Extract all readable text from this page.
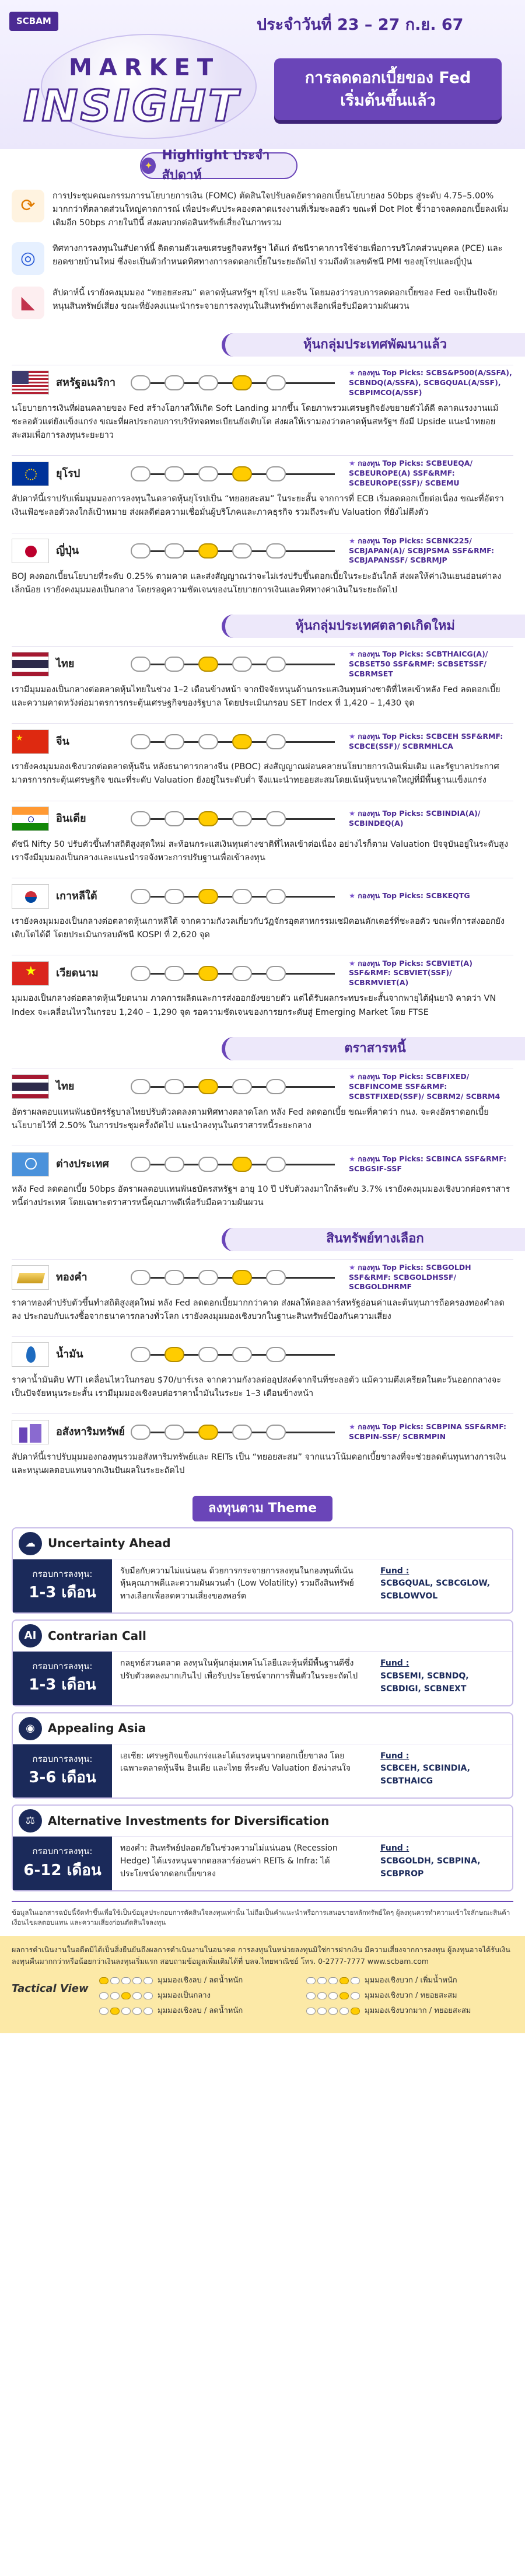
SCBAM	ประจำวันที่ 23 – 27 ก.ย. 67
MARKET
INSIGHT
การลดดอกเบี้ยของ Fed
เริ่มต้นขึ้นแล้ว
✦
Highlight ประจำสัปดาห์
⟳	การประชุมคณะกรรมการนโยบายการเงิน (FOMC) ตัดสินใจปรับลดอัตราดอกเบี้ยนโยบายลง 50bps สู่ระดับ 4.75–5.00% มากกว่าที่ตลาดส่วนใหญ่คาดการณ์ เพื่อประคับประคองตลาดแรงงานที่เริ่มชะลอตัว ขณะที่ Dot Plot ชี้ว่าอาจลดดอกเบี้ยลงเพิ่มเติมอีก 50bps ภายในปีนี้ ส่งผลบวกต่อสินทรัพย์เสี่ยงในภาพรวม
◎	ทิศทางการลงทุนในสัปดาห์นี้ ติดตามตัวเลขเศรษฐกิจสหรัฐฯ ได้แก่ ดัชนีราคาการใช้จ่ายเพื่อการบริโภคส่วนบุคคล (PCE) และยอดขายบ้านใหม่ ซึ่งจะเป็นตัวกำหนดทิศทางการลดดอกเบี้ยในระยะถัดไป รวมถึงตัวเลขดัชนี PMI ของยุโรปและญี่ปุ่น
◣	สัปดาห์นี้ เรายังคงมุมมอง “ทยอยสะสม” ตลาดหุ้นสหรัฐฯ ยุโรป และจีน โดยมองว่ารอบการลดดอกเบี้ยของ Fed จะเป็นปัจจัยหนุนสินทรัพย์เสี่ยง ขณะที่ยังคงแนะนำกระจายการลงทุนในสินทรัพย์ทางเลือกเพื่อรับมือความผันผวน
หุ้นกลุ่มประเทศพัฒนาแล้ว
สหรัฐอเมริกา
★ กองทุน Top Picks: SCBS&P500(A/SSFA), SCBNDQ(A/SSFA), SCBGQUAL(A/SSF), SCBPIMCO(A/SSF)
นโยบายการเงินที่ผ่อนคลายของ Fed สร้างโอกาสให้เกิด Soft Landing มากขึ้น โดยภาพรวมเศรษฐกิจยังขยายตัวได้ดี ตลาดแรงงานแม้ชะลอตัวแต่ยังแข็งแกร่ง ขณะที่ผลประกอบการบริษัทจดทะเบียนยังเติบโต ส่งผลให้เรามองว่าตลาดหุ้นสหรัฐฯ ยังมี Upside แนะนำทยอยสะสมเพื่อการลงทุนระยะยาว
ยุโรป
★ กองทุน Top Picks: SCBEUEQA/ SCBEUROPE(A) SSF&RMF: SCBEUROPE(SSF)/ SCBEMU
สัปดาห์นี้เราปรับเพิ่มมุมมองการลงทุนในตลาดหุ้นยุโรปเป็น “ทยอยสะสม” ในระยะสั้น จากการที่ ECB เริ่มลดดอกเบี้ยต่อเนื่อง ขณะที่อัตราเงินเฟ้อชะลอตัวลงใกล้เป้าหมาย ส่งผลดีต่อความเชื่อมั่นผู้บริโภคและภาคธุรกิจ รวมถึงระดับ Valuation ที่ยังไม่ตึงตัว
ญี่ปุ่น
★ กองทุน Top Picks: SCBNK225/ SCBJAPAN(A)/ SCBJPSMA SSF&RMF: SCBJAPANSSF/ SCBRMJP
BOJ คงดอกเบี้ยนโยบายที่ระดับ 0.25% ตามคาด และส่งสัญญาณว่าจะไม่เร่งปรับขึ้นดอกเบี้ยในระยะอันใกล้ ส่งผลให้ค่าเงินเยนอ่อนค่าลงเล็กน้อย เรายังคงมุมมองเป็นกลาง โดยรอดูความชัดเจนของนโยบายการเงินและทิศทางค่าเงินในระยะถัดไป
หุ้นกลุ่มประเทศตลาดเกิดใหม่
ไทย
★ กองทุน Top Picks: SCBTHAICG(A)/ SCBSET50 SSF&RMF: SCBSETSSF/ SCBRMSET
เรามีมุมมองเป็นกลางต่อตลาดหุ้นไทยในช่วง 1–2 เดือนข้างหน้า จากปัจจัยหนุนด้านกระแสเงินทุนต่างชาติที่ไหลเข้าหลัง Fed ลดดอกเบี้ย และความคาดหวังต่อมาตรการกระตุ้นเศรษฐกิจของรัฐบาล โดยประเมินกรอบ SET Index ที่ 1,420 – 1,430 จุด
★	จีน	★ กองทุน Top Picks: SCBCEH SSF&RMF: SCBCE(SSF)/ SCBRMHLCA
เรายังคงมุมมองเชิงบวกต่อตลาดหุ้นจีน หลังธนาคารกลางจีน (PBOC) ส่งสัญญาณผ่อนคลายนโยบายการเงินเพิ่มเติม และรัฐบาลประกาศมาตรการกระตุ้นเศรษฐกิจ ขณะที่ระดับ Valuation ยังอยู่ในระดับต่ำ จึงแนะนำทยอยสะสมโดยเน้นหุ้นขนาดใหญ่ที่มีพื้นฐานแข็งแกร่ง
อินเดีย	★ กองทุน Top Picks: SCBINDIA(A)/ SCBINDEQ(A)
ดัชนี Nifty 50 ปรับตัวขึ้นทำสถิติสูงสุดใหม่ สะท้อนกระแสเงินทุนต่างชาติที่ไหลเข้าต่อเนื่อง อย่างไรก็ตาม Valuation ปัจจุบันอยู่ในระดับสูง เราจึงมีมุมมองเป็นกลางและแนะนำรอจังหวะการปรับฐานเพื่อเข้าลงทุน
เกาหลีใต้	★ กองทุน Top Picks: SCBKEQTG
เรายังคงมุมมองเป็นกลางต่อตลาดหุ้นเกาหลีใต้ จากความกังวลเกี่ยวกับวัฏจักรอุตสาหกรรมเซมิคอนดักเตอร์ที่ชะลอตัว ขณะที่การส่งออกยังเติบโตได้ดี โดยประเมินกรอบดัชนี KOSPI ที่ 2,620 จุด
★	เวียดนาม
★ กองทุน Top Picks: SCBVIET(A) SSF&RMF: SCBVIET(SSF)/ SCBRMVIET(A)
มุมมองเป็นกลางต่อตลาดหุ้นเวียดนาม ภาคการผลิตและการส่งออกยังขยายตัว แต่ได้รับผลกระทบระยะสั้นจากพายุไต้ฝุ่นยางิ คาดว่า VN Index จะเคลื่อนไหวในกรอบ 1,240 – 1,290 จุด รอความชัดเจนของการยกระดับสู่ Emerging Market โดย FTSE
ตราสารหนี้
ไทย
★ กองทุน Top Picks: SCBFIXED/ SCBFINCOME SSF&RMF: SCBSTFIXED(SSF)/ SCBRM2/ SCBRM4
อัตราผลตอบแทนพันธบัตรรัฐบาลไทยปรับตัวลดลงตามทิศทางตลาดโลก หลัง Fed ลดดอกเบี้ย ขณะที่คาดว่า กนง. จะคงอัตราดอกเบี้ยนโยบายไว้ที่ 2.50% ในการประชุมครั้งถัดไป แนะนำลงทุนในตราสารหนี้ระยะกลาง
ต่างประเทศ	★ กองทุน Top Picks: SCBINCA SSF&RMF: SCBGSIF-SSF
หลัง Fed ลดดอกเบี้ย 50bps อัตราผลตอบแทนพันธบัตรสหรัฐฯ อายุ 10 ปี ปรับตัวลงมาใกล้ระดับ 3.7% เรายังคงมุมมองเชิงบวกต่อตราสารหนี้ต่างประเทศ โดยเฉพาะตราสารหนี้คุณภาพดีเพื่อรับมือความผันผวน
สินทรัพย์ทางเลือก
ทองคำ
★ กองทุน Top Picks: SCBGOLDH SSF&RMF: SCBGOLDHSSF/ SCBGOLDHRMF
ราคาทองคำปรับตัวขึ้นทำสถิติสูงสุดใหม่ หลัง Fed ลดดอกเบี้ยมากกว่าคาด ส่งผลให้ดอลลาร์สหรัฐอ่อนค่าและต้นทุนการถือครองทองคำลดลง ประกอบกับแรงซื้อจากธนาคารกลางทั่วโลก เรายังคงมุมมองเชิงบวกในฐานะสินทรัพย์ป้องกันความเสี่ยง
น้ำมัน
ราคาน้ำมันดิบ WTI เคลื่อนไหวในกรอบ $70/บาร์เรล จากความกังวลต่ออุปสงค์จากจีนที่ชะลอตัว แม้ความตึงเครียดในตะวันออกกลางจะเป็นปัจจัยหนุนระยะสั้น เรามีมุมมองเชิงลบต่อราคาน้ำมันในระยะ 1–3 เดือนข้างหน้า
อสังหาริมทรัพย์	★ กองทุน Top Picks: SCBPINA SSF&RMF: SCBPIN-SSF/ SCBRMPIN
สัปดาห์นี้เราปรับมุมมองกองทุนรวมอสังหาริมทรัพย์และ REITs เป็น “ทยอยสะสม” จากแนวโน้มดอกเบี้ยขาลงที่จะช่วยลดต้นทุนทางการเงินและหนุนผลตอบแทนจากเงินปันผลในระยะถัดไป
ลงทุนตาม Theme
☁	Uncertainty Ahead
กรอบการลงทุน:
1-3 เดือน
รับมือกับความไม่แน่นอน ด้วยการกระจายการลงทุนในกองทุนที่เน้นหุ้นคุณภาพดีและความผันผวนต่ำ (Low Volatility) รวมถึงสินทรัพย์ทางเลือกเพื่อลดความเสี่ยงของพอร์ต
Fund :
SCBGQUAL, SCBCGLOW, SCBLOWVOL
AI Contrarian Call
กรอบการลงทุน:
1-3 เดือน
กลยุทธ์สวนตลาด ลงทุนในหุ้นกลุ่มเทคโนโลยีและหุ้นที่มีพื้นฐานดีซึ่งปรับตัวลดลงมากเกินไป เพื่อรับประโยชน์จากการฟื้นตัวในระยะถัดไป
Fund :
SCBSEMI, SCBNDQ, SCBDIGI, SCBNEXT
◉	Appealing Asia
กรอบการลงทุน:
3-6 เดือน
เอเชีย: เศรษฐกิจแข็งแกร่งและได้แรงหนุนจากดอกเบี้ยขาลง โดยเฉพาะตลาดหุ้นจีน อินเดีย และไทย ที่ระดับ Valuation ยังน่าสนใจ
Fund :
SCBCEH, SCBINDIA, SCBTHAICG
⚖	Alternative Investments for Diversification
กรอบการลงทุน:
6-12 เดือน
ทองคำ: สินทรัพย์ปลอดภัยในช่วงความไม่แน่นอน (Recession Hedge) ได้แรงหนุนจากดอลลาร์อ่อนค่า REITs & Infra: ได้ประโยชน์จากดอกเบี้ยขาลง
Fund :
SCBGOLDH, SCBPINA, SCBPROP
ข้อมูลในเอกสารฉบับนี้จัดทำขึ้นเพื่อใช้เป็นข้อมูลประกอบการตัดสินใจลงทุนเท่านั้น ไม่ถือเป็นคำแนะนำหรือการเสนอขายหลักทรัพย์ใดๆ ผู้ลงทุนควรทำความเข้าใจลักษณะสินค้า เงื่อนไขผลตอบแทน และความเสี่ยงก่อนตัดสินใจลงทุน
ผลการดำเนินงานในอดีตมิได้เป็นสิ่งยืนยันถึงผลการดำเนินงานในอนาคต การลงทุนในหน่วยลงทุนมิใช่การฝากเงิน มีความเสี่ยงจากการลงทุน ผู้ลงทุนอาจได้รับเงินลงทุนคืนมากกว่าหรือน้อยกว่าเงินลงทุนเริ่มแรก สอบถามข้อมูลเพิ่มเติมได้ที่ บลจ.ไทยพาณิชย์ โทร. 0-2777-7777 www.scbam.com
Tactical View
มุมมองเชิงลบ / ลดน้ำหนัก
มุมมองเป็นกลาง
มุมมองเชิงลบ / ลดน้ำหนัก
มุมมองเชิงบวก / เพิ่มน้ำหนัก
มุมมองเชิงบวก / ทยอยสะสม
มุมมองเชิงบวกมาก / ทยอยสะสม
